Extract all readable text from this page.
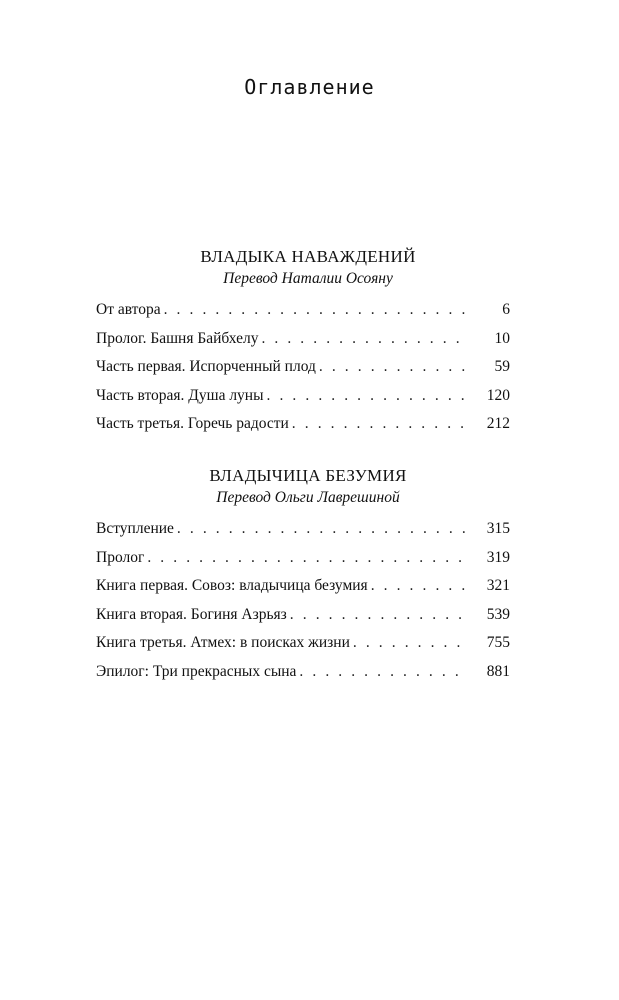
Оглавление
ВЛАДЫКА НАВАЖДЕНИЙ
Перевод Наталии Осояну
От автора . . .	6
Пролог. Башня Байбхелу . . .	10
Часть первая. Испорченный плод . . .	59
Часть вторая. Душа луны . . .	120
Часть третья. Горечь радости . . .	212
ВЛАДЫЧИЦА БЕЗУМИЯ
Перевод Ольги Лаврешиной
Вступление . . .	315
Пролог . . .	319
Книга первая. Совоз: владычица безумия . . .	321
Книга вторая. Богиня Азрьяз . . .	539
Книга третья. Атмех: в поисках жизни . . .	755
Эпилог: Три прекрасных сына . . .	881
